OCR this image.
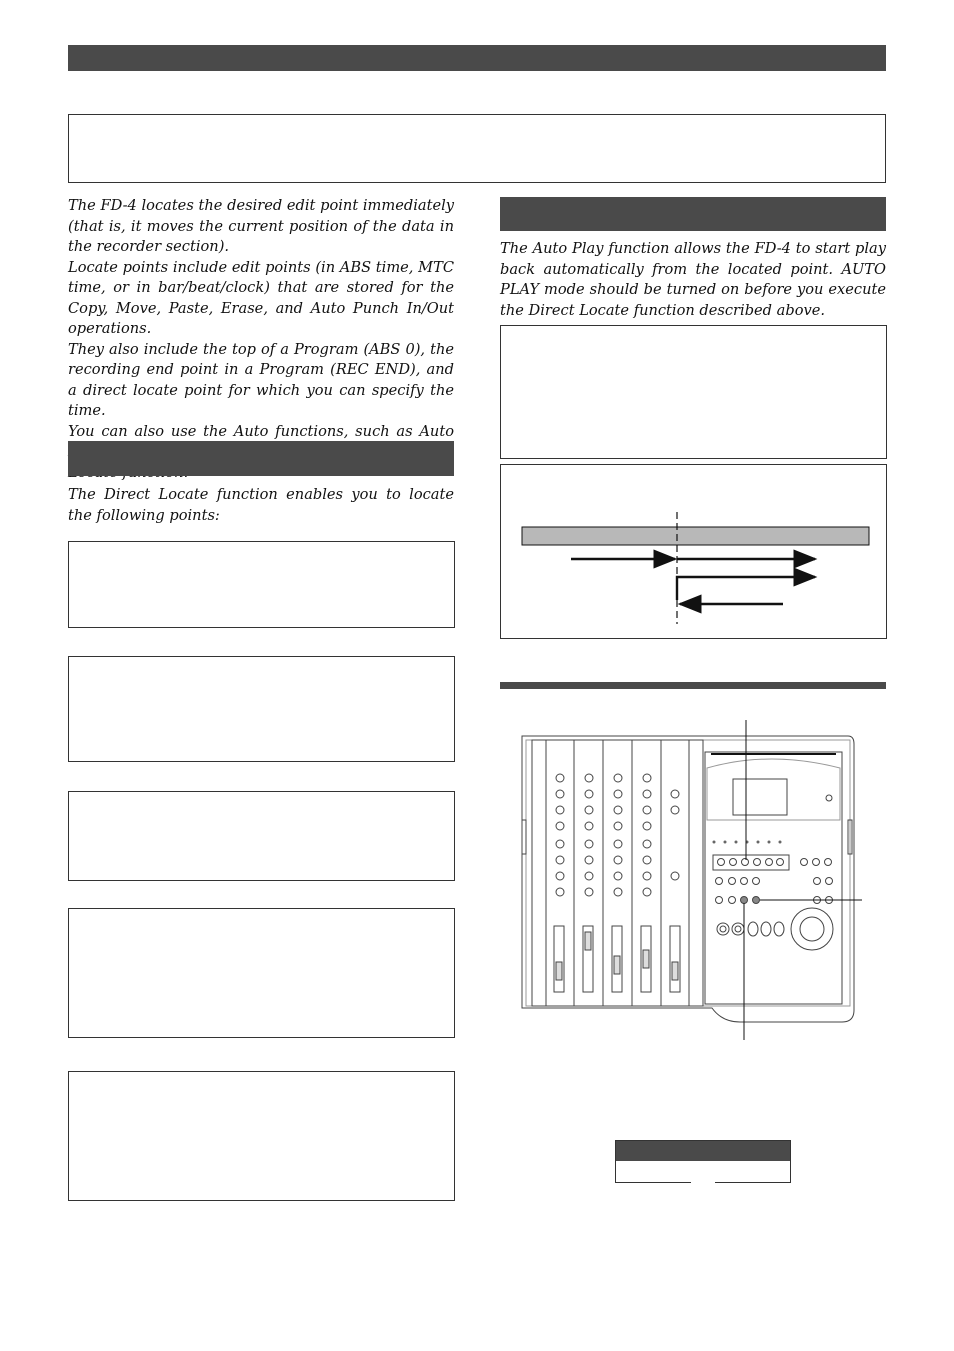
The FD-4 locates the desired edit point immediately (that is, it moves the current position of the data in the recorder section).

Locate points include edit points (in ABS time, MTC time, or in bar/beat/clock) that are stored for the Copy, Move, Paste, Erase, and Auto Punch In/Out operations.

They also include the top of a Program (ABS 0), the recording end point in a Program (REC END), and a direct locate point for which you can specify the time.

You can also use the Auto functions, such as Auto

The Direct Locate function enables you to locate the following points:

The Auto Play function allows the FD-4 to start play back automatically from the located point. AUTO PLAY mode should be turned on before you execute the Direct Locate function described above.
